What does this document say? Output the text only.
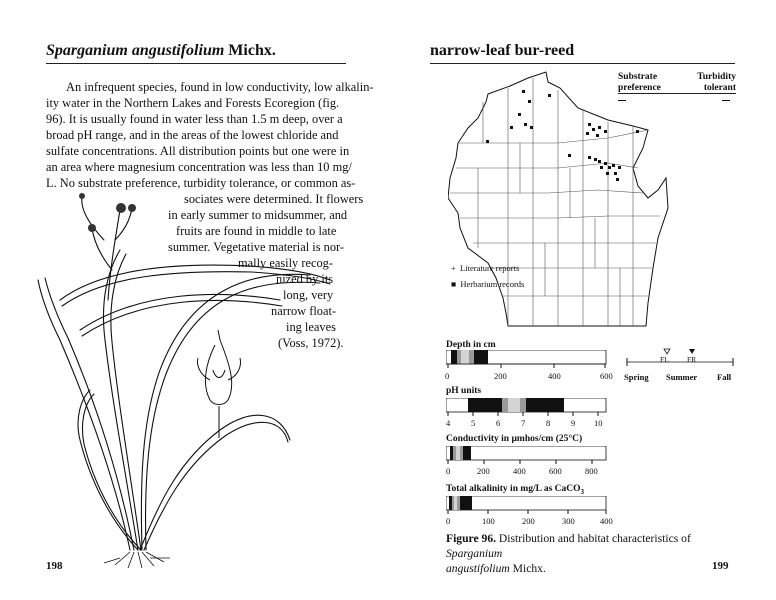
Sparganium angustifolium Michx.
An infrequent species, found in low conductivity, low alkalin-
ity water in the Northern Lakes and Forests Ecoregion (fig.
96). It is usually found in water less than 1.5 m deep, over a
broad pH range, and in the areas of the lowest chloride and
sulfate concentrations. All distribution points but one were in
an area where magnesium concentration was less than 10 mg/
L. No substrate preference, turbidity tolerance, or common as-
sociates were determined. It flowers
in early summer to midsummer, and
fruits are found in middle to late
summer. Vegetative material is nor-
mally easily recog-
nized by its
long, very
narrow float-
ing leaves
(Voss, 1972).
198
narrow-leaf bur-reed
Substrate
preference
Turbidity
tolerant
+ Literature reports
■ Herbarium records
Depth in cm
0	200	400	600
FL FR
Spring Summer Fall
pH units
4 5 6 7 8 9 10
Conductivity in µmhos/cm (25°C)
0	200	400	600	800
Total alkalinity in mg/L as CaCO$_3$
0	100	200	300	400
Figure 96. Distribution and habitat characteristics of Sparganium
angustifolium Michx.	199
